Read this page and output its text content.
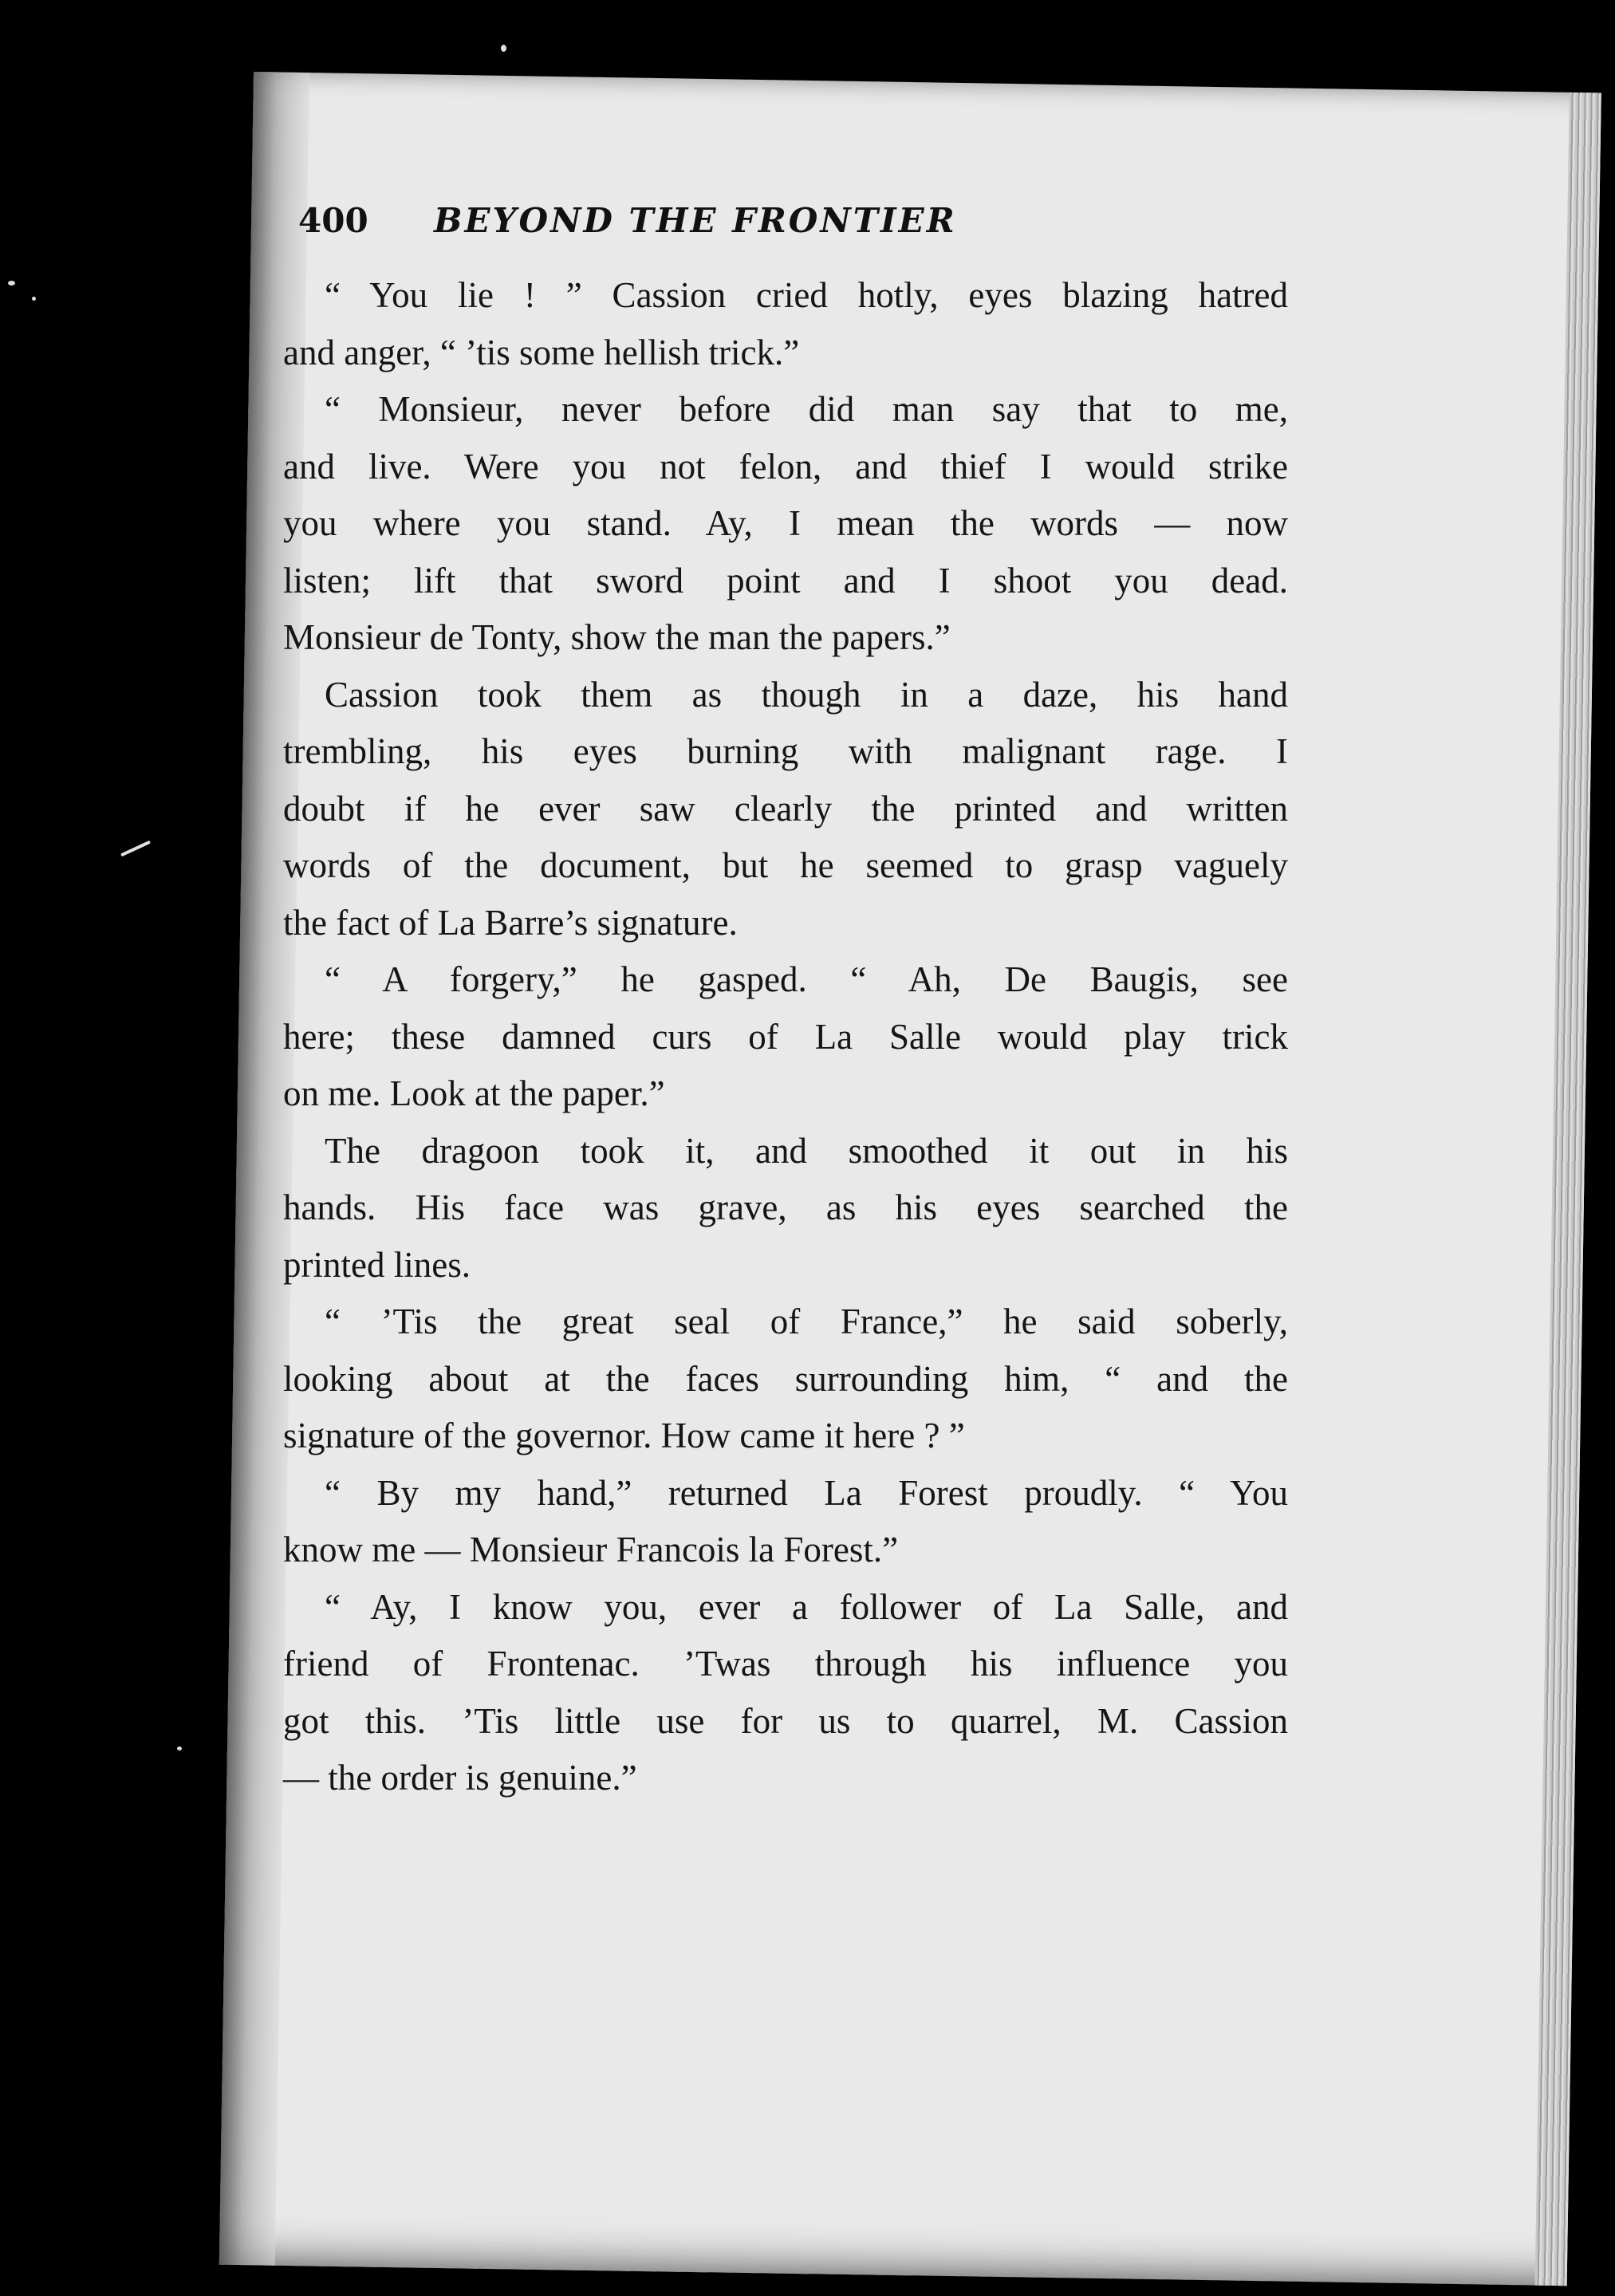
400 BEYOND THE FRONTIER
“ You lie ! ” Cassion cried hotly, eyes blazing hatred
and anger, “ ’tis some hellish trick.”
“ Monsieur, never before did man say that to me,
and live. Were you not felon, and thief I would strike
you where you stand. Ay, I mean the words — now
listen; lift that sword point and I shoot you dead.
Monsieur de Tonty, show the man the papers.”
Cassion took them as though in a daze, his hand
trembling, his eyes burning with malignant rage. I
doubt if he ever saw clearly the printed and written
words of the document, but he seemed to grasp vaguely
the fact of La Barre’s signature.
“ A forgery,” he gasped. “ Ah, De Baugis, see
here; these damned curs of La Salle would play trick
on me. Look at the paper.”
The dragoon took it, and smoothed it out in his
hands. His face was grave, as his eyes searched the
printed lines.
“ ’Tis the great seal of France,” he said soberly,
looking about at the faces surrounding him, “ and the
signature of the governor. How came it here ? ”
“ By my hand,” returned La Forest proudly. “ You
know me — Monsieur Francois la Forest.”
“ Ay, I know you, ever a follower of La Salle, and
friend of Frontenac. ’Twas through his influence you
got this. ’Tis little use for us to quarrel, M. Cassion
— the order is genuine.”
